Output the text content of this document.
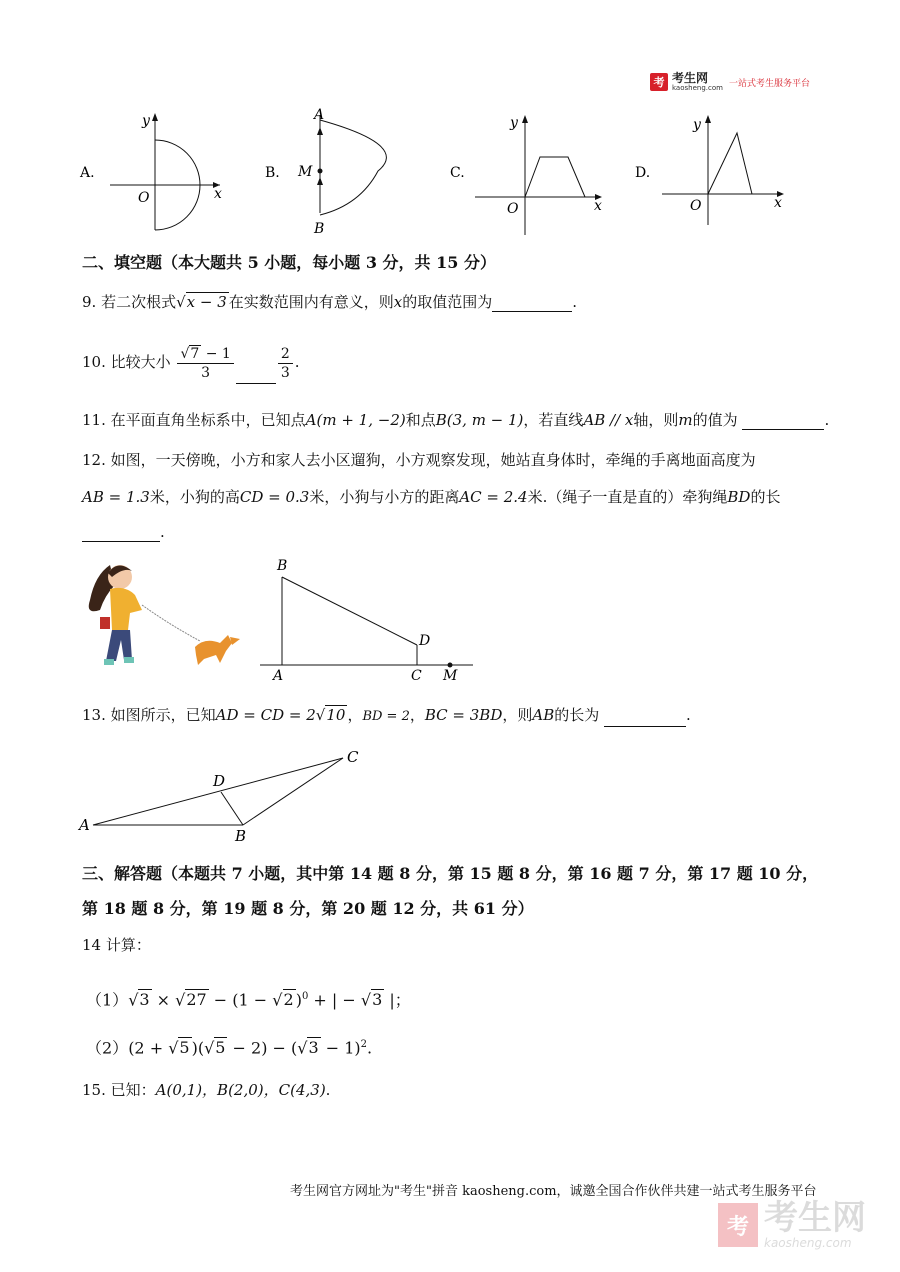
考 考生网
kaosheng.com 一站式考生服务平台
A.
y
x
O
B.
A
M
B
C.
y
x
O
D.
y
x
O
二、填空题（本大题共 5 小题，每小题 3 分，共 15 分）
9. 若二次根式√x − 3 在实数范围内有意义，则x的取值范围为	.
10. 比较大小 $\frac{√7 - 1}{3}$	$\frac{2}{3}$ .
11. 在平面直角坐标系中，已知点A(m + 1, −2)和点B(3, m − 1)，若直线AB // x轴，则m的值为	.
12. 如图，一天傍晚，小方和家人去小区遛狗，小方观察发现，她站直身体时，牵绳的手离地面高度为
AB = 1.3米，小狗的高CD = 0.3米，小狗与小方的距离AC = 2.4米.（绳子一直是直的）牵狗绳BD的长
.
B
D
A	C M
13. 如图所示，已知AD = CD = 2√10 ，BD = 2，BC = 3BD，则AB的长为	.
A
B
C
D
三、解答题（本题共 7 小题，其中第 14 题 8 分，第 15 题 8 分，第 16 题 7 分，第 17 题 10 分，
第 18 题 8 分，第 19 题 8 分，第 20 题 12 分，共 61 分）
14 计算：
（1）√3 × √27 − (1 − √2 )$^0$ + | − √3 |；
（2）(2 + √5 )$(√5 - 2) - (√3 - 1)^2$.
15. 已知：A(0,1)，B(2,0)，C(4,3).
考生网官方网址为"考生"拼音 kaosheng.com，诚邀全国合作伙伴共建一站式考生服务平台
考 考生网
kaosheng.com
